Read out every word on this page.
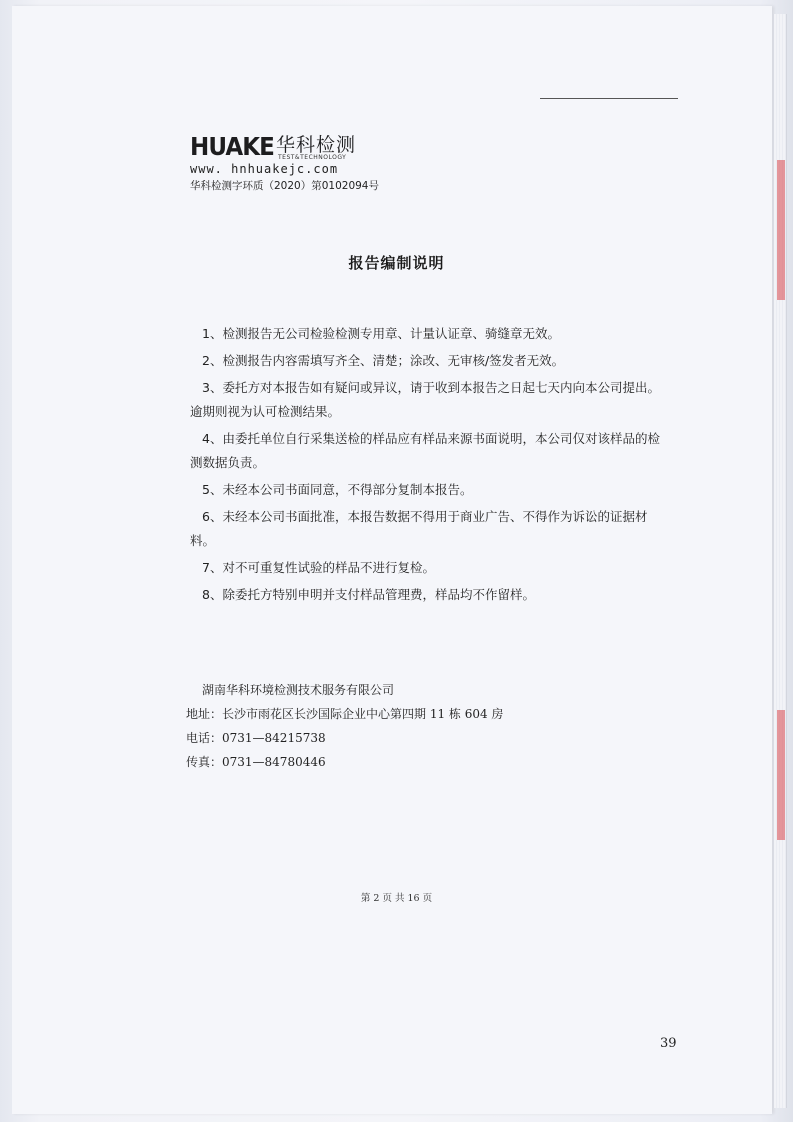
HUAKE 华科检测
TEST&TECHNOLOGY
www. hnhuakejc.com
华科检测字环质（2020）第0102094号
报告编制说明
1、检测报告无公司检验检测专用章、计量认证章、骑缝章无效。
2、检测报告内容需填写齐全、清楚；涂改、无审核/签发者无效。
3、委托方对本报告如有疑问或异议，请于收到本报告之日起七天内向本公司提出。逾期则视为认可检测结果。
4、由委托单位自行采集送检的样品应有样品来源书面说明，本公司仅对该样品的检测数据负责。
5、未经本公司书面同意，不得部分复制本报告。
6、未经本公司书面批准，本报告数据不得用于商业广告、不得作为诉讼的证据材料。
7、对不可重复性试验的样品不进行复检。
8、除委托方特别申明并支付样品管理费，样品均不作留样。
湖南华科环境检测技术服务有限公司
地址：长沙市雨花区长沙国际企业中心第四期 11 栋 604 房
电话：0731—84215738
传真：0731—84780446
第 2 页 共 16 页
39
